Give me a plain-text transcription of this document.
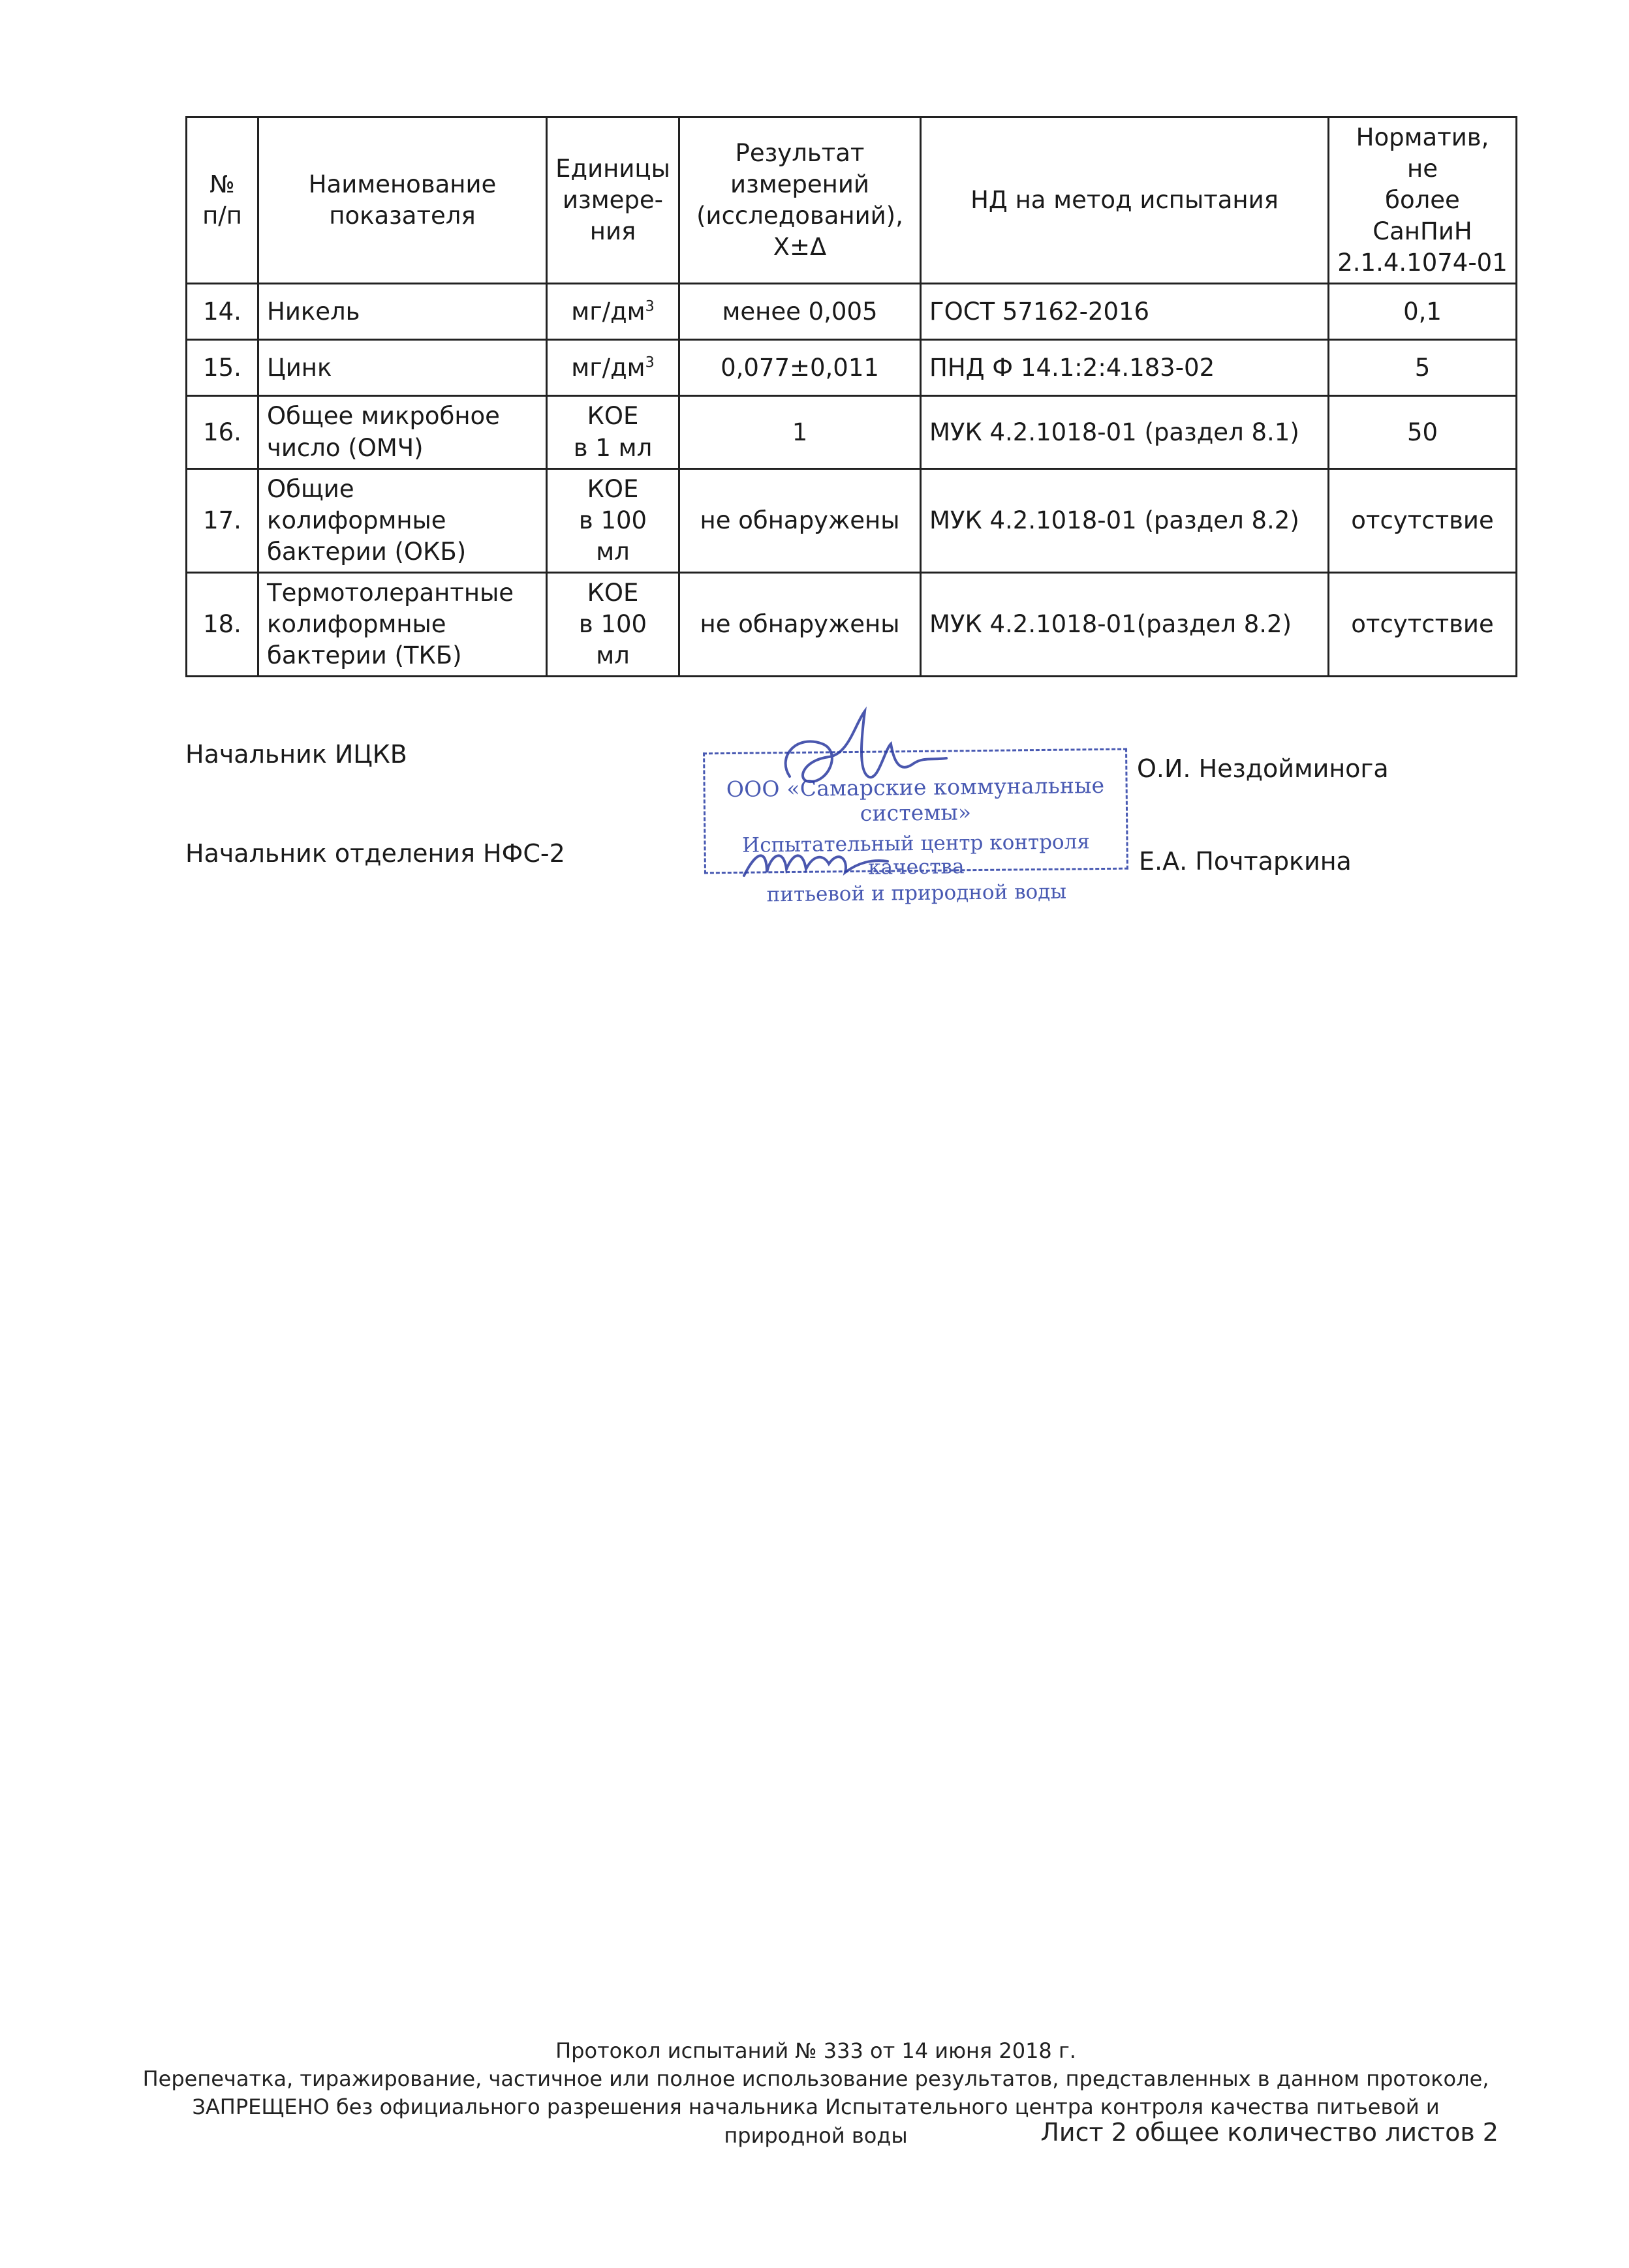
№
п/п	Наименование
показателя	Единицы
измере-
ния	Результат
измерений
(исследований),
X±Δ	НД на метод испытания	Норматив, не
более
СанПиН
2.1.4.1074-01
14.	Никель	$мг/дм^3$	менее 0,005	ГОСТ 57162-2016	0,1
15.	Цинк	$мг/дм^3$	0,077±0,011	ПНД Ф 14.1:2:4.183-02	5
16.	Общее микробное
число (ОМЧ)	КОЕ
в 1 мл	1	МУК 4.2.1018-01 (раздел 8.1)	50
17.	Общие
колиформные
бактерии (ОКБ)	КОЕ
в 100
мл	не обнаружены	МУК 4.2.1018-01 (раздел 8.2)	отсутствие
18.	Термотолерантные
колиформные
бактерии (ТКБ)	КОЕ
в 100
мл	не обнаружены	МУК 4.2.1018-01(раздел 8.2)	отсутствие
Начальник ИЦКВ	О.И. Нездойминога
Начальник отделения НФС-2	Е.А. Почтаркина
ООО «Самарские коммунальные системы»
Испытательный центр контроля качества
питьевой и природной воды
Протокол испытаний № 333 от 14 июня 2018 г.
Перепечатка, тиражирование, частичное или полное использование результатов, представленных в данном протоколе,
ЗАПРЕЩЕНО без официального разрешения начальника Испытательного центра контроля качества питьевой и природной воды	Лист 2 общее количество листов 2
